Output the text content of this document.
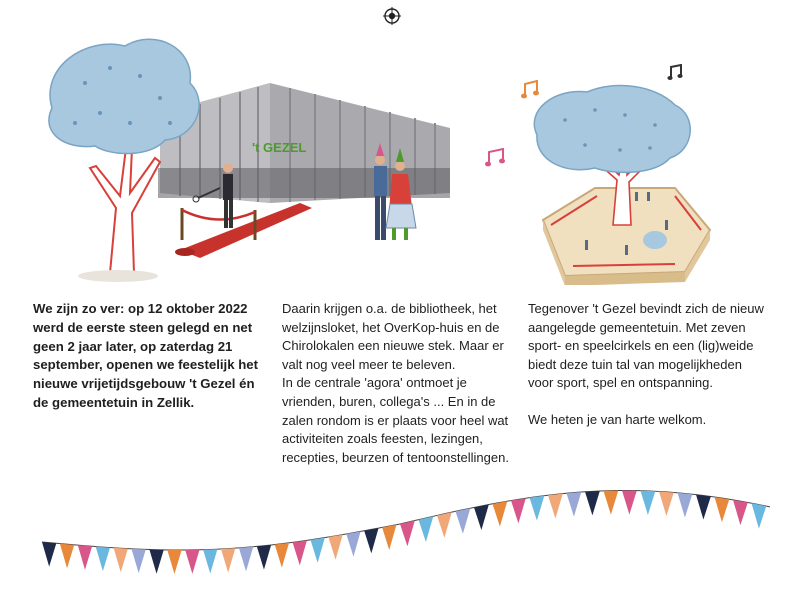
't GEZEL

We zijn zo ver: op 12 oktober 2022 werd de eerste steen gelegd en net geen 2 jaar later, op zaterdag 21 september, openen we feestelijk het nieuwe vrijetijdsgebouw 't Gezel én de gemeentetuin in Zellik.

Daarin krijgen o.a. de bibliotheek, het welzijnsloket, het OverKop-huis en de Chirolokalen een nieuwe stek. Maar er valt nog veel meer te beleven.

In de centrale 'agora' ontmoet je vrienden, buren, collega's ... En in de zalen rondom is er plaats voor heel wat activiteiten zoals feesten, lezingen, recepties, beurzen of tentoonstellingen.

Tegenover 't Gezel bevindt zich de nieuw aangelegde gemeentetuin. Met zeven sport- en speelcirkels en een (lig)weide biedt deze tuin tal van mogelijkheden voor sport, spel en ontspanning.

We heten je van harte welkom.
